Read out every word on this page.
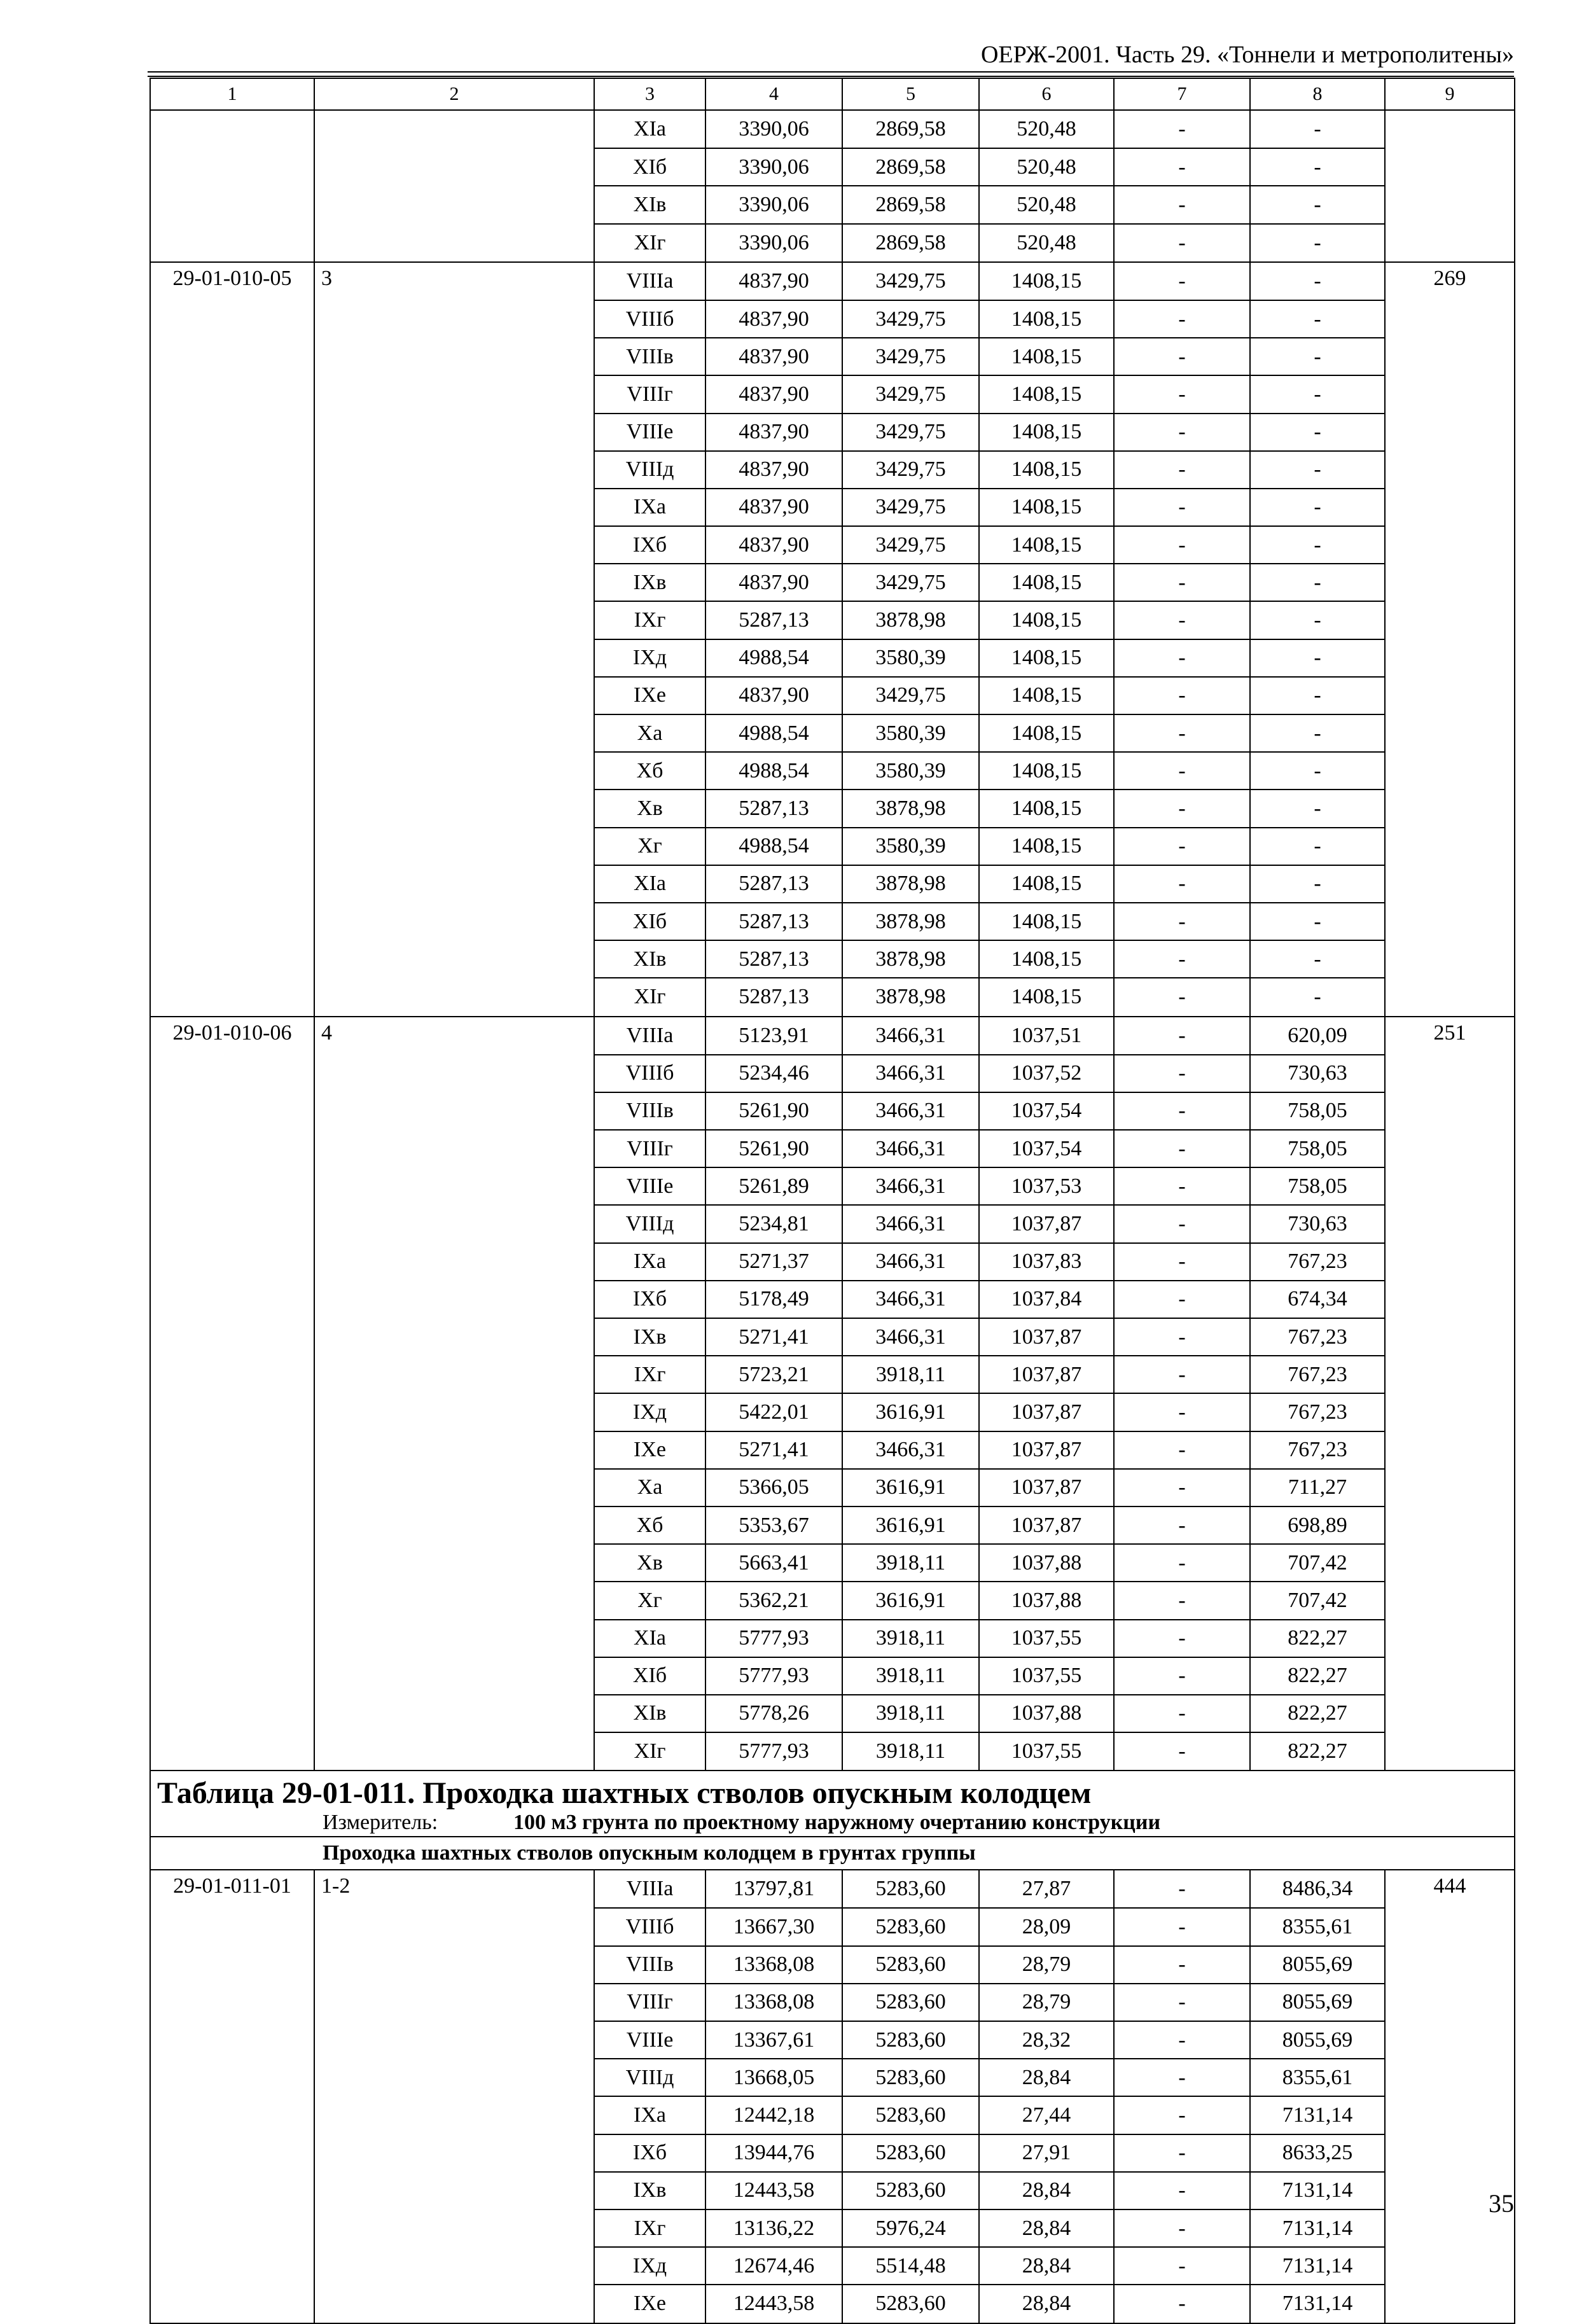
ОЕРЖ-2001. Часть 29. «Тоннели и метрополитены»
1	2	3	4	5	6	7	8	9
		XIa	3390,06	2869,58	520,48	-	-	
		XIб	3390,06	2869,58	520,48	-	-	
		XIв	3390,06	2869,58	520,48	-	-	
		XIг	3390,06	2869,58	520,48	-	-	
29-01-010-05	3	VIIIa	4837,90	3429,75	1408,15	-	-	269
		VIIIб	4837,90	3429,75	1408,15	-	-	
		VIIIв	4837,90	3429,75	1408,15	-	-	
		VIIIг	4837,90	3429,75	1408,15	-	-	
		VIIIe	4837,90	3429,75	1408,15	-	-	
		VIIIд	4837,90	3429,75	1408,15	-	-	
		IXa	4837,90	3429,75	1408,15	-	-	
		IXб	4837,90	3429,75	1408,15	-	-	
		IXв	4837,90	3429,75	1408,15	-	-	
		IXг	5287,13	3878,98	1408,15	-	-	
		IXд	4988,54	3580,39	1408,15	-	-	
		IXe	4837,90	3429,75	1408,15	-	-	
		Xa	4988,54	3580,39	1408,15	-	-	
		Xб	4988,54	3580,39	1408,15	-	-	
		Xв	5287,13	3878,98	1408,15	-	-	
		Xг	4988,54	3580,39	1408,15	-	-	
		XIa	5287,13	3878,98	1408,15	-	-	
		XIб	5287,13	3878,98	1408,15	-	-	
		XIв	5287,13	3878,98	1408,15	-	-	
		XIг	5287,13	3878,98	1408,15	-	-	
29-01-010-06	4	VIIIa	5123,91	3466,31	1037,51	-	620,09	251
		VIIIб	5234,46	3466,31	1037,52	-	730,63	
		VIIIв	5261,90	3466,31	1037,54	-	758,05	
		VIIIг	5261,90	3466,31	1037,54	-	758,05	
		VIIIe	5261,89	3466,31	1037,53	-	758,05	
		VIIIд	5234,81	3466,31	1037,87	-	730,63	
		IXa	5271,37	3466,31	1037,83	-	767,23	
		IXб	5178,49	3466,31	1037,84	-	674,34	
		IXв	5271,41	3466,31	1037,87	-	767,23	
		IXг	5723,21	3918,11	1037,87	-	767,23	
		IXд	5422,01	3616,91	1037,87	-	767,23	
		IXe	5271,41	3466,31	1037,87	-	767,23	
		Xa	5366,05	3616,91	1037,87	-	711,27	
		Xб	5353,67	3616,91	1037,87	-	698,89	
		Xв	5663,41	3918,11	1037,88	-	707,42	
		Xг	5362,21	3616,91	1037,88	-	707,42	
		XIa	5777,93	3918,11	1037,55	-	822,27	
		XIб	5777,93	3918,11	1037,55	-	822,27	
		XIв	5778,26	3918,11	1037,88	-	822,27	
		XIг	5777,93	3918,11	1037,55	-	822,27	
Таблица 29-01-011. Проходка шахтных стволов опускным колодцем								
Измеритель: 100 м3 грунта по проектному наружному очертанию конструкции								
Проходка шахтных стволов опускным колодцем в грунтах группы								
29-01-011-01	1-2	VIIIa	13797,81	5283,60	27,87	-	8486,34	444
		VIIIб	13667,30	5283,60	28,09	-	8355,61	
		VIIIв	13368,08	5283,60	28,79	-	8055,69	
		VIIIг	13368,08	5283,60	28,79	-	8055,69	
		VIIIe	13367,61	5283,60	28,32	-	8055,69	
		VIIIд	13668,05	5283,60	28,84	-	8355,61	
		IXa	12442,18	5283,60	27,44	-	7131,14	
		IXб	13944,76	5283,60	27,91	-	8633,25	
		IXв	12443,58	5283,60	28,84	-	7131,14	
		IXг	13136,22	5976,24	28,84	-	7131,14	
		IXд	12674,46	5514,48	28,84	-	7131,14	
		IXe	12443,58	5283,60	28,84	-	7131,14	
35
